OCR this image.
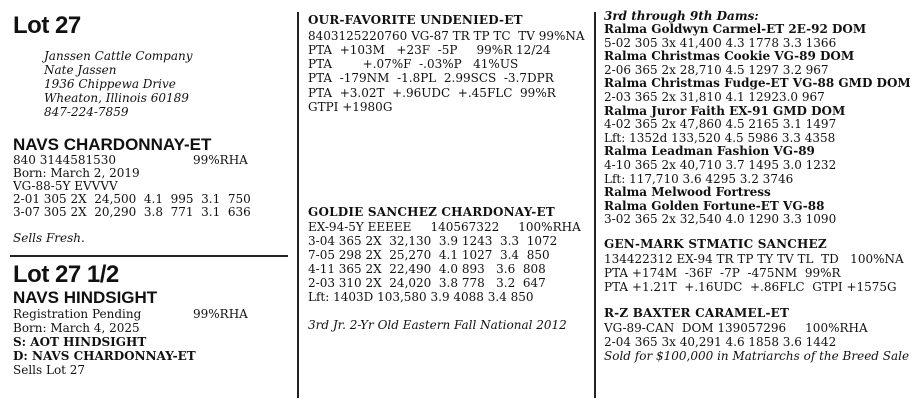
Lot 27
Janssen Cattle Company
Nate Jassen
1936 Chippewa Drive
Wheaton, Illinois 60189
847-224-7859
NAVS CHARDONNAY-ET
840 3144581530	99%RHA
Born: March 2, 2019
VG-88-5Y EVVVV
2-01 305 2X  24,500  4.1  995  3.1  750
3-07 305 2X  20,290  3.8  771  3.1  636
Sells Fresh.
Lot 27 1/2
NAVS HINDSIGHT
Registration Pending	99%RHA
Born: March 4, 2025
S: AOT HINDSIGHT
D: NAVS CHARDONNAY-ET
Sells Lot 27
OUR-FAVORITE UNDENIED-ET
8403125220760 VG-87 TR TP TC  TV 99%NA
PTA  +103M   +23F  -5P     99%R 12/24
PTA        +.07%F  -.03%P   41%US
PTA  -179NM  -1.8PL  2.99SCS  -3.7DPR
PTA  +3.02T  +.96UDC  +.45FLC  99%R
GTPI +1980G
GOLDIE SANCHEZ CHARDONAY-ET
EX-94-5Y EEEEE     140567322     100%RHA
3-04 365 2X  32,130  3.9 1243  3.3  1072
7-05 298 2X  25,270  4.1 1027  3.4  850
4-11 365 2X  22,490  4.0 893   3.6  808
2-03 310 2X  24,020  3.8 778   3.2  647
Lft: 1403D 103,580 3.9 4088 3.4 850
3rd Jr. 2-Yr Old Eastern Fall National 2012
3rd through 9th Dams:
Ralma Goldwyn Carmel-ET 2E-92 DOM
5-02 305 3x 41,400 4.3 1778 3.3 1366
Ralma Christmas Cookie VG-89 DOM
2-06 365 2x 28,710 4.5 1297 3.2 967
Ralma Christmas Fudge-ET VG-88 GMD DOM
2-03 365 2x 31,810 4.1 12923.0 967
Ralma Juror Faith EX-91 GMD DOM
4-02 365 2x 47,860 4.5 2165 3.1 1497
Lft: 1352d 133,520 4.5 5986 3.3 4358
Ralma Leadman Fashion VG-89
4-10 365 2x 40,710 3.7 1495 3.0 1232
Lft: 117,710 3.6 4295 3.2 3746
Ralma Melwood Fortress
Ralma Golden Fortune-ET VG-88
3-02 365 2x 32,540 4.0 1290 3.3 1090
GEN-MARK STMATIC SANCHEZ
134422312 EX-94 TR TP TY TV TL  TD   100%NA
PTA +174M  -36F  -7P  -475NM  99%R
PTA +1.21T  +.16UDC  +.86FLC  GTPI +1575G
R-Z BAXTER CARAMEL-ET
VG-89-CAN  DOM 139057296     100%RHA
2-04 365 3x 40,291 4.6 1858 3.6 1442
Sold for $100,000 in Matriarchs of the Breed Sale
